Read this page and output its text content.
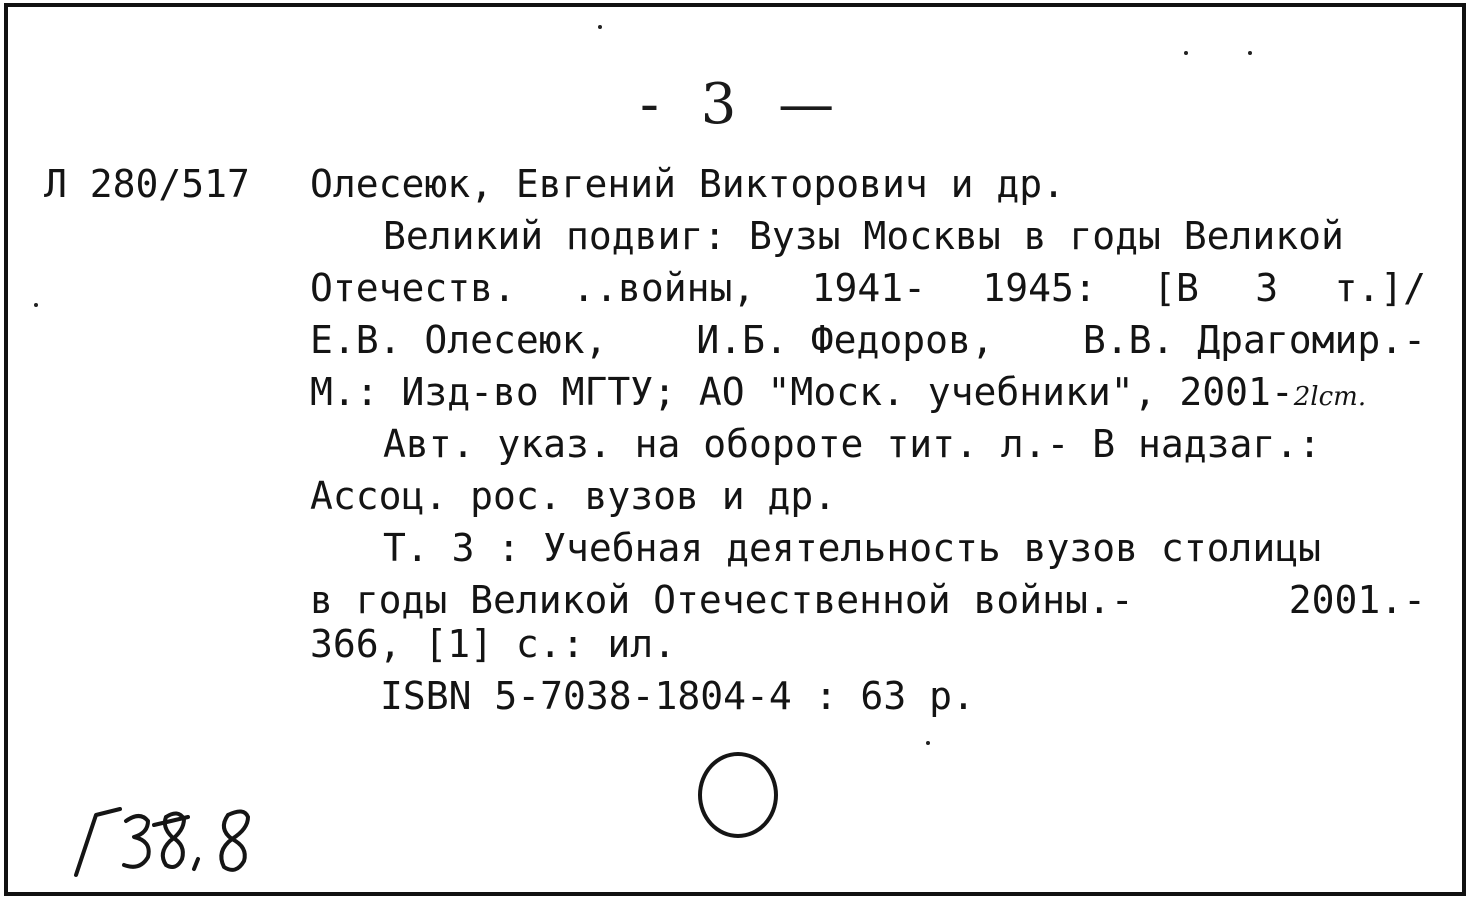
- 3 —
Л 280/517 Олесеюк, Евгений Викторович и др.
Великий подвиг: Вузы Москвы в годы Великой
Отечеств. ..войны, 1941- 1945: [В 3 т.]/
Е.В. Олесеюк, И.Б. Федоров, В.В. Драгомир.-
М.: Изд-во МГТУ; АО "Моск. учебники", 2001-2lcm.
Авт. указ. на обороте тит. л.- В надзаг.:
Ассоц. рос. вузов и др.
Т. 3 : Учебная деятельность вузов столицы
в годы Великой Отечественной войны.-	2001.-
366, [1] с.: ил.
ISBN 5-7038-1804-4 : 63 р.
